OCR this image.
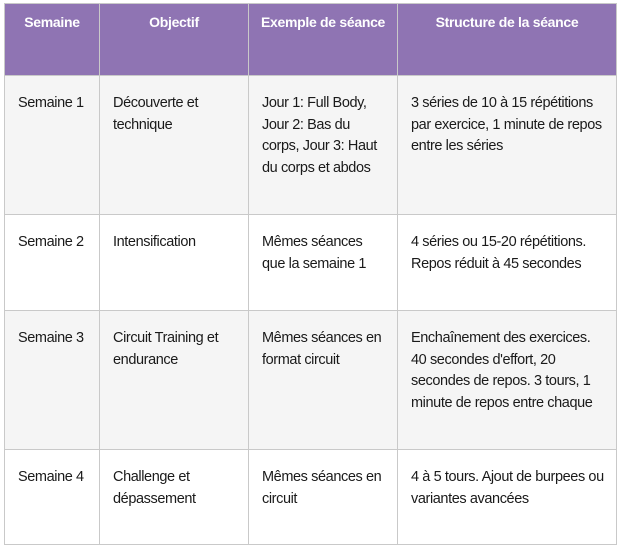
Semaine	Objectif	Exemple de séance	Structure de la séance
Semaine 1	Découverte et technique	Jour 1: Full Body, Jour 2: Bas du corps, Jour 3: Haut du corps et abdos	3 séries de 10 à 15 répétitions par exercice, 1 minute de repos entre les séries
Semaine 2	Intensification	Mêmes séances que la semaine 1	4 séries ou 15-20 répétitions. Repos réduit à 45 secondes
Semaine 3	Circuit Training et endurance	Mêmes séances en format circuit	Enchaînement des exercices. 40 secondes d'effort, 20 secondes de repos. 3 tours, 1 minute de repos entre chaque
Semaine 4	Challenge et dépassement	Mêmes séances en circuit	4 à 5 tours. Ajout de burpees ou variantes avancées
